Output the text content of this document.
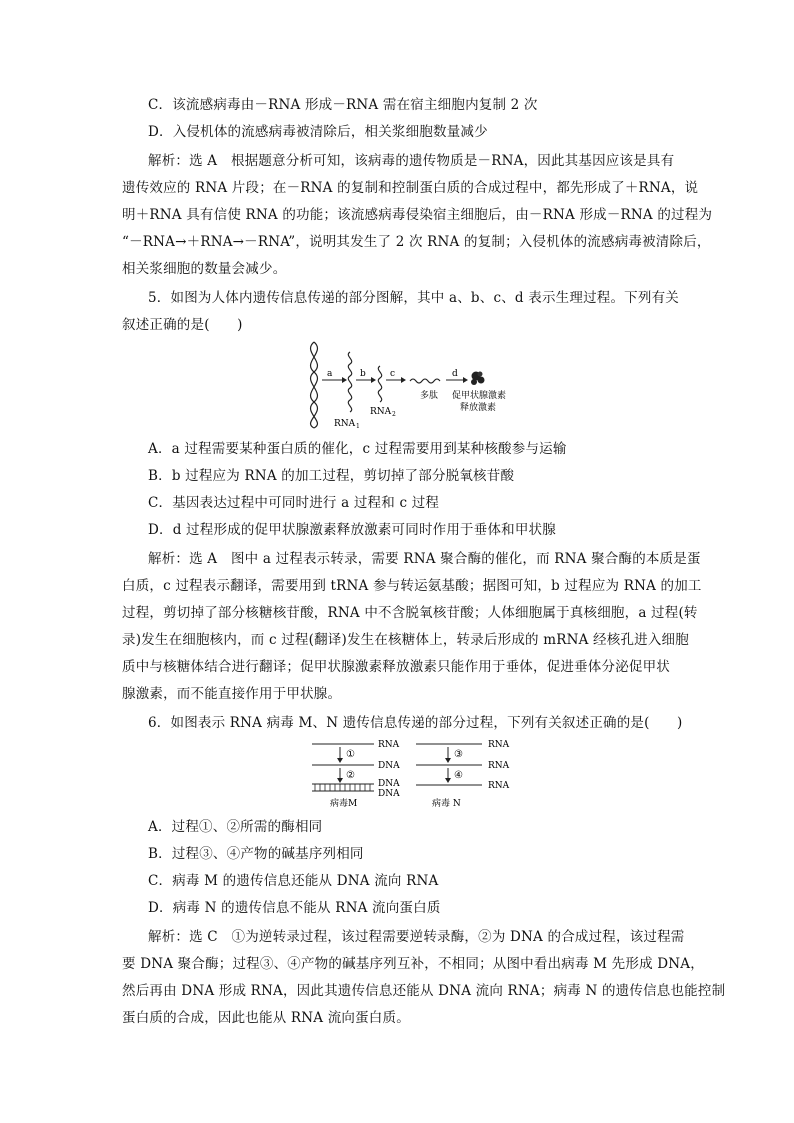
C．该流感病毒由－RNA 形成－RNA 需在宿主细胞内复制 2 次
D．入侵机体的流感病毒被清除后，相关浆细胞数量减少
解析：选 A　根据题意分析可知，该病毒的遗传物质是－RNA，因此其基因应该是具有
遗传效应的 RNA 片段；在－RNA 的复制和控制蛋白质的合成过程中，都先形成了＋RNA，说
明＋RNA 具有信使 RNA 的功能；该流感病毒侵染宿主细胞后，由－RNA 形成－RNA 的过程为
“－RNA→＋RNA→－RNA”，说明其发生了 2 次 RNA 的复制；入侵机体的流感病毒被清除后，
相关浆细胞的数量会减少。
5．如图为人体内遗传信息传递的部分图解，其中 a、b、c、d 表示生理过程。下列有关
叙述正确的是(　　)
a
RNA 1
b
RNA 2
c
多肽
d
促甲状腺激素
释放激素
A．a 过程需要某种蛋白质的催化，c 过程需要用到某种核酸参与运输
B．b 过程应为 RNA 的加工过程，剪切掉了部分脱氧核苷酸
C．基因表达过程中可同时进行 a 过程和 c 过程
D．d 过程形成的促甲状腺激素释放激素可同时作用于垂体和甲状腺
解析：选 A　图中 a 过程表示转录，需要 RNA 聚合酶的催化，而 RNA 聚合酶的本质是蛋
白质，c 过程表示翻译，需要用到 tRNA 参与转运氨基酸；据图可知，b 过程应为 RNA 的加工
过程，剪切掉了部分核糖核苷酸，RNA 中不含脱氧核苷酸；人体细胞属于真核细胞，a 过程(转
录)发生在细胞核内，而 c 过程(翻译)发生在核糖体上，转录后形成的 mRNA 经核孔进入细胞
质中与核糖体结合进行翻译；促甲状腺激素释放激素只能作用于垂体，促进垂体分泌促甲状
腺激素，而不能直接作用于甲状腺。
6．如图表示 RNA 病毒 M、N 遗传信息传递的部分过程，下列有关叙述正确的是(　　)
RNA
①
DNA
②
DNA
DNA
病毒M
RNA
③
RNA
④
RNA
病毒 N
A．过程①、②所需的酶相同
B．过程③、④产物的碱基序列相同
C．病毒 M 的遗传信息还能从 DNA 流向 RNA
D．病毒 N 的遗传信息不能从 RNA 流向蛋白质
解析：选 C　①为逆转录过程，该过程需要逆转录酶，②为 DNA 的合成过程，该过程需
要 DNA 聚合酶；过程③、④产物的碱基序列互补，不相同；从图中看出病毒 M 先形成 DNA，
然后再由 DNA 形成 RNA，因此其遗传信息还能从 DNA 流向 RNA；病毒 N 的遗传信息也能控制
蛋白质的合成，因此也能从 RNA 流向蛋白质。
